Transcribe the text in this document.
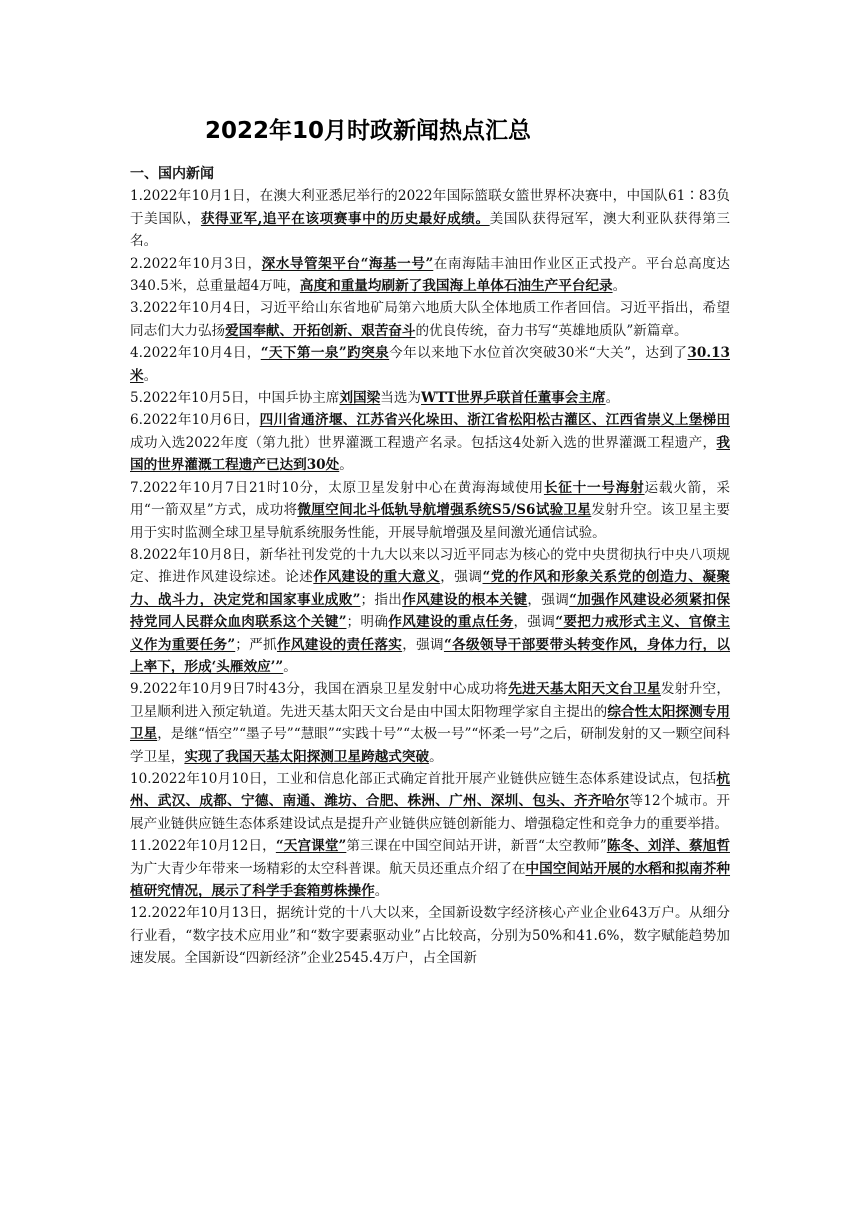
2022年10月时政新闻热点汇总

一、国内新闻

1.2022年10月1日，在澳大利亚悉尼举行的2022年国际篮联女篮世界杯决赛中，中国队61∶83负于美国队，获得亚军,追平在该项赛事中的历史最好成绩。美国队获得冠军，澳大利亚队获得第三名。

2.2022年10月3日，深水导管架平台“海基一号”在南海陆丰油田作业区正式投产。平台总高度达340.5米，总重量超4万吨，高度和重量均刷新了我国海上单体石油生产平台纪录。

3.2022年10月4日，习近平给山东省地矿局第六地质大队全体地质工作者回信。习近平指出，希望同志们大力弘扬爱国奉献、开拓创新、艰苦奋斗的优良传统，奋力书写“英雄地质队”新篇章。

4.2022年10月4日，“天下第一泉”趵突泉今年以来地下水位首次突破30米“大关”，达到了30.13米。

5.2022年10月5日，中国乒协主席刘国梁当选为WTT世界乒联首任董事会主席。

6.2022年10月6日，四川省通济堰、江苏省兴化垛田、浙江省松阳松古灌区、江西省崇义上堡梯田成功入选2022年度（第九批）世界灌溉工程遗产名录。包括这4处新入选的世界灌溉工程遗产，我国的世界灌溉工程遗产已达到30处。

7.2022年10月7日21时10分，太原卫星发射中心在黄海海域使用长征十一号海射运载火箭，采用“一箭双星”方式，成功将微厘空间北斗低轨导航增强系统S5/S6试验卫星发射升空。该卫星主要用于实时监测全球卫星导航系统服务性能，开展导航增强及星间激光通信试验。

8.2022年10月8日，新华社刊发党的十九大以来以习近平同志为核心的党中央贯彻执行中央八项规定、推进作风建设综述。论述作风建设的重大意义，强调“党的作风和形象关系党的创造力、凝聚力、战斗力，决定党和国家事业成败”；指出作风建设的根本关键，强调“加强作风建设必须紧扣保持党同人民群众血肉联系这个关键”；明确作风建设的重点任务，强调“要把力戒形式主义、官僚主义作为重要任务”；严抓作风建设的责任落实，强调“各级领导干部要带头转变作风，身体力行，以上率下，形成‘头雁效应’”。

9.2022年10月9日7时43分，我国在酒泉卫星发射中心成功将先进天基太阳天文台卫星发射升空，卫星顺利进入预定轨道。先进天基太阳天文台是由中国太阳物理学家自主提出的综合性太阳探测专用卫星，是继“悟空”“墨子号”“慧眼”“实践十号”“太极一号”“怀柔一号”之后，研制发射的又一颗空间科学卫星，实现了我国天基太阳探测卫星跨越式突破。

10.2022年10月10日，工业和信息化部正式确定首批开展产业链供应链生态体系建设试点，包括杭州、武汉、成都、宁德、南通、潍坊、合肥、株洲、广州、深圳、包头、齐齐哈尔等12个城市。开展产业链供应链生态体系建设试点是提升产业链供应链创新能力、增强稳定性和竞争力的重要举措。

11.2022年10月12日，“天宫课堂”第三课在中国空间站开讲，新晋“太空教师”陈冬、刘洋、蔡旭哲为广大青少年带来一场精彩的太空科普课。航天员还重点介绍了在中国空间站开展的水稻和拟南芥种植研究情况，展示了科学手套箱剪株操作。

12.2022年10月13日，据统计党的十八大以来，全国新设数字经济核心产业企业643万户。从细分行业看，“数字技术应用业”和“数字要素驱动业”占比较高，分别为50%和41.6%，数字赋能趋势加速发展。全国新设“四新经济”企业2545.4万户，占全国新
